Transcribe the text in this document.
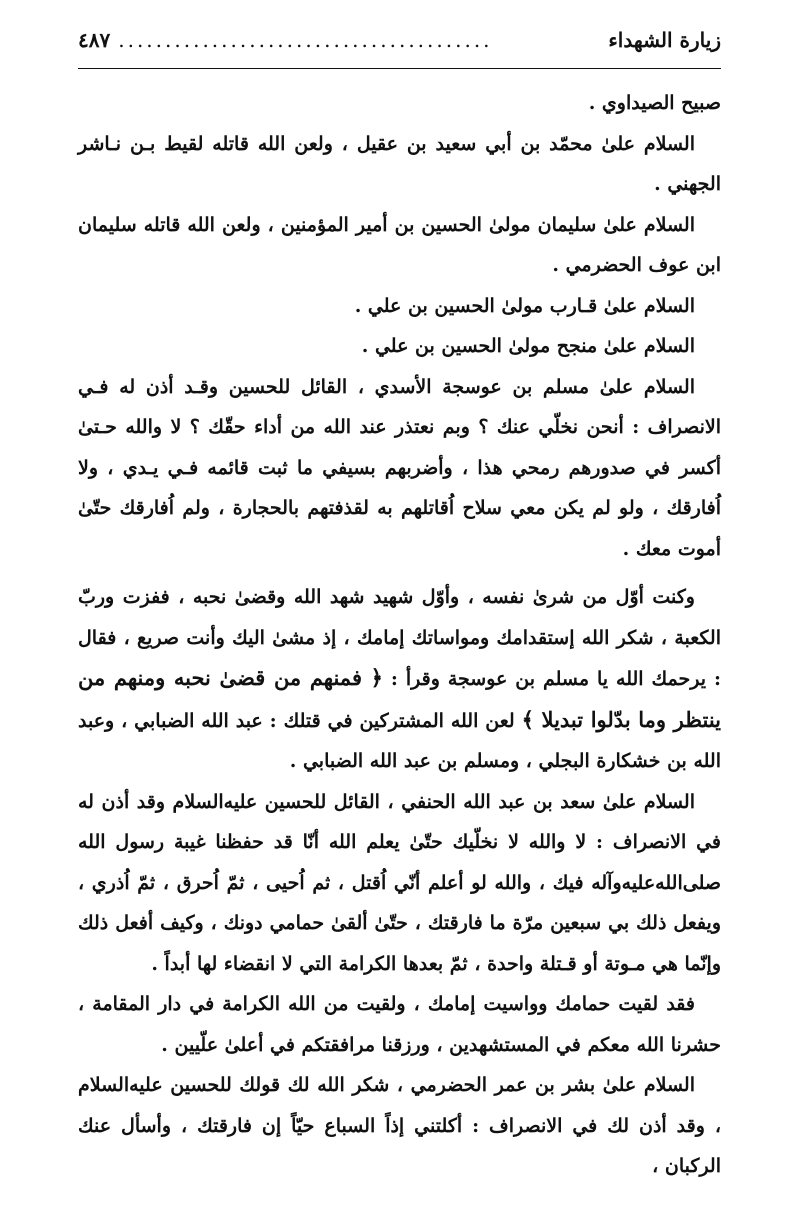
زيارة الشهداء
........................................
٤٨٧

صبيح الصيداوي .

السلام علىٰ محمّد بن أبي سعيد بن عقيل ، ولعن الله قاتله لقيط بـن نـاشر الجهني .

السلام علىٰ سليمان مولىٰ الحسين بن أمير المؤمنين ، ولعن الله قاتله سليمان ابن عوف الحضرمي .

السلام علىٰ قـارب مولىٰ الحسين بن علي .

السلام علىٰ منجح مولىٰ الحسين بن علي .

السلام علىٰ مسلم بن عوسجة الأسدي ، القائل للحسين وقـد أذن له فـي الانصراف : أنحن نخلّي عنك ؟ وبم نعتذر عند الله من أداء حقّك ؟ لا والله حـتىٰ أكسر في صدورهم رمحي هذا ، وأضربهم بسيفي ما ثبت قائمه فـي يـدي ، ولا اُفارقك ، ولو لم يكن معي سلاح اُقاتلهم به لقذفتهم بالحجارة ، ولم اُفارقك حتّىٰ أموت معك .

وكنت أوّل من شرىٰ نفسه ، وأوّل شهيد شهد الله وقضىٰ نحبه ، ففزت وربّ الكعبة ، شكر الله إستقدامك ومواساتك إمامك ، إذ مشىٰ اليك وأنت صريع ، فقال : يرحمك الله يا مسلم بن عوسجة وقرأ : ﴿ فمنهم من قضىٰ نحبه ومنهم من ينتظر وما بدّلوا تبديلا ﴾ لعن الله المشتركين في قتلك : عبد الله الضبابي ، وعبد الله بن خشكارة البجلي ، ومسلم بن عبد الله الضبابي .

السلام علىٰ سعد بن عبد الله الحنفي ، القائل للحسين عليه‌السلام وقد أذن له في الانصراف : لا والله لا نخلّيك حتّىٰ يعلم الله أنّا قد حفظنا غيبة رسول الله صلى‌الله‌عليه‌وآله فيك ، والله لو أعلم أنّي اُقتل ، ثم اُحيى ، ثمّ اُحرق ، ثمّ اُذري ، ويفعل ذلك بي سبعين مرّة ما فارقتك ، حتّىٰ ألقىٰ حمامي دونك ، وكيف أفعل ذلك وإنّما هي مـوتة أو قـتلة واحدة ، ثمّ بعدها الكرامة التي لا انقضاء لها أبداً .

فقد لقيت حمامك وواسيت إمامك ، ولقيت من الله الكرامة في دار المقامة ، حشرنا الله معكم في المستشهدين ، ورزقنا مرافقتكم في أعلىٰ علّيين .

السلام علىٰ بشر بن عمر الحضرمي ، شكر الله لك قولك للحسين عليه‌السلام ، وقد أذن لك في الانصراف : أكلتني إذاً السباع حيّاً إن فارقتك ، وأسأل عنك الركبان ،
